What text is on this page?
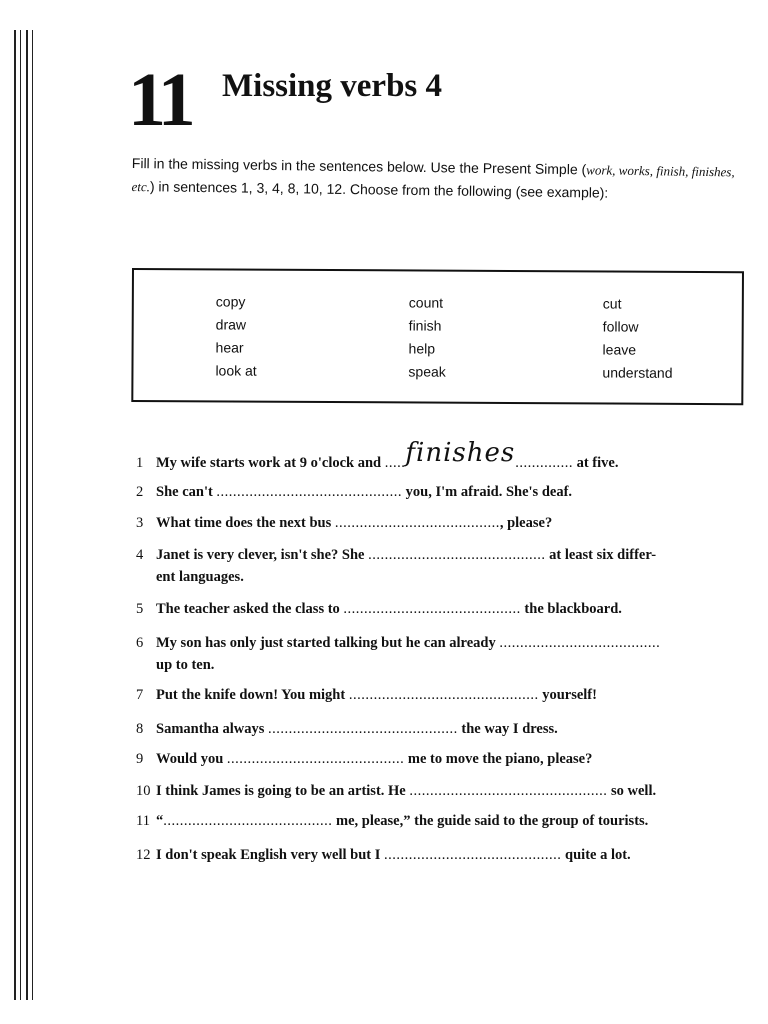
11 Missing verbs 4
Fill in the missing verbs in the sentences below. Use the Present Simple (work, works, finish, finishes, etc.) in sentences 1, 3, 4, 8, 10, 12. Choose from the following (see example):
copy	count	cut
draw	finish	follow
hear	help	leave
look at	speak	understand
1 My wife starts work at 9 o'clock and .....finishes.............. at five.
2 She can't ............................................. you, I'm afraid. She's deaf.
3 What time does the next bus ........................................, please?
4 Janet is very clever, isn't she? She ........................................... at least six differ-
ent languages.
5 The teacher asked the class to ........................................... the blackboard.
6 My son has only just started talking but he can already .......................................
up to ten.
7 Put the knife down! You might .............................................. yourself!
8 Samantha always .............................................. the way I dress.
9 Would you ........................................... me to move the piano, please?
10 I think James is going to be an artist. He ................................................ so well.
11 “......................................... me, please,” the guide said to the group of tourists.
12 I don't speak English very well but I ........................................... quite a lot.
